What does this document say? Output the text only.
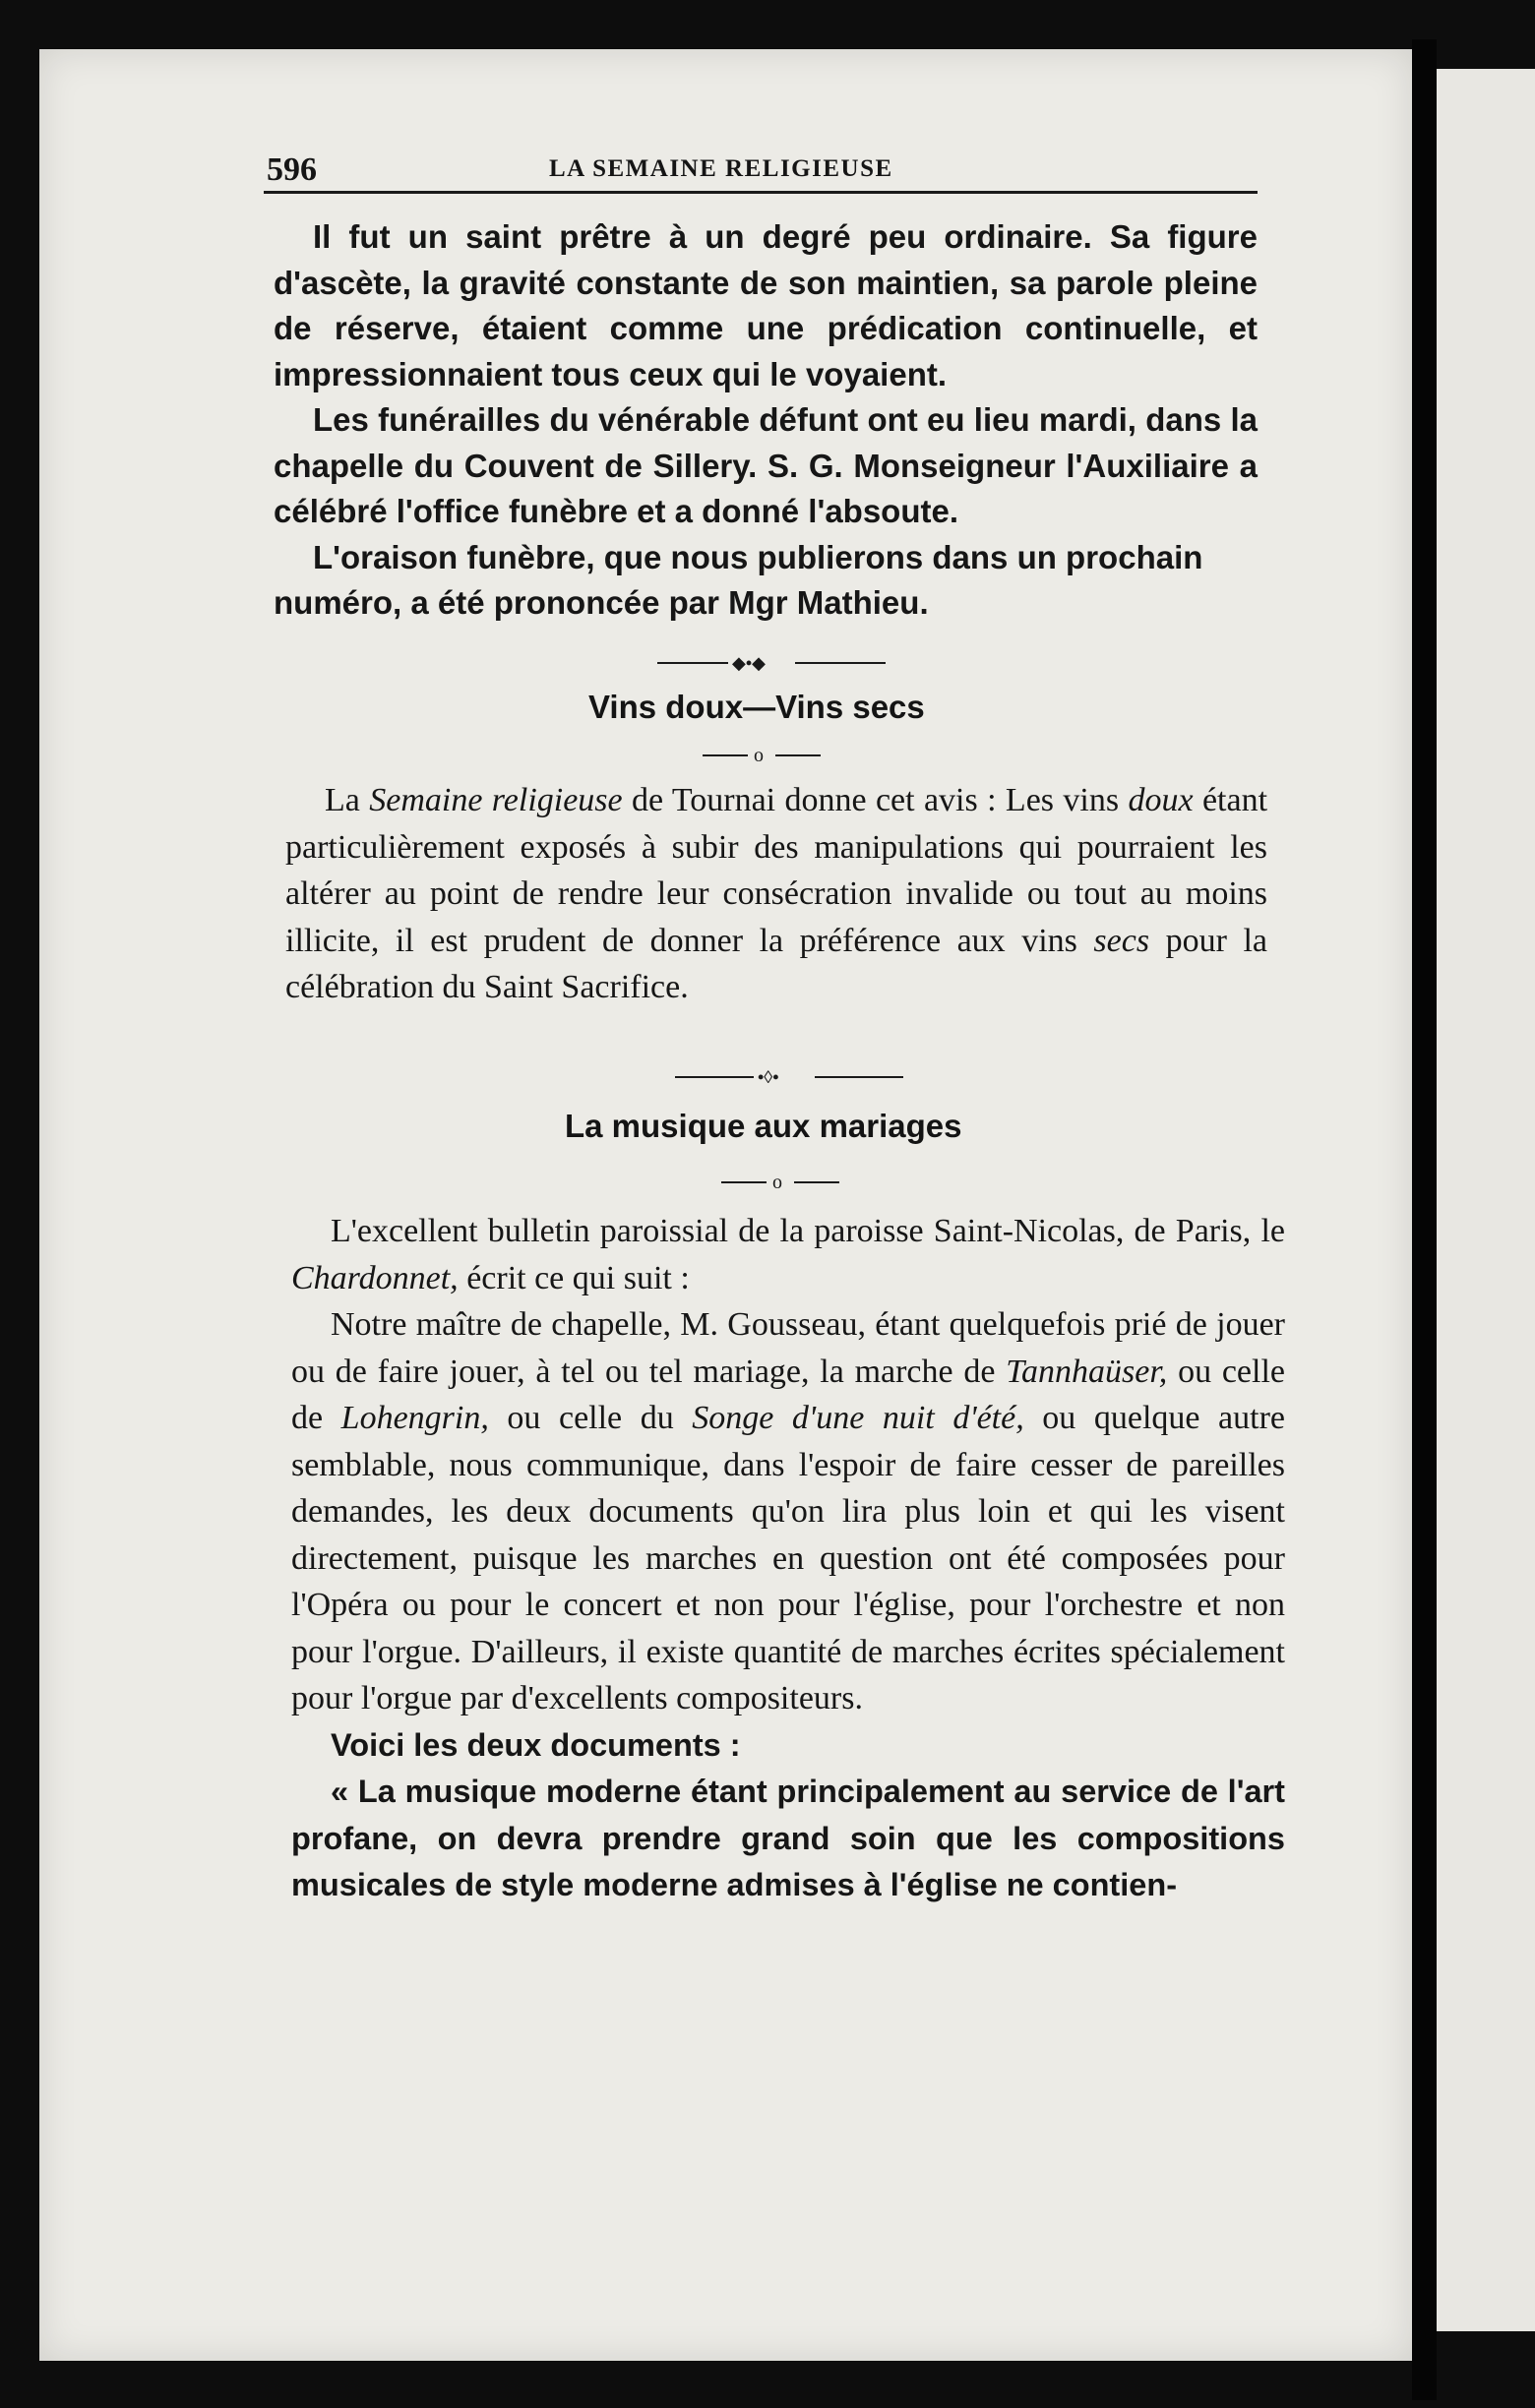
596	LA SEMAINE RELIGIEUSE

Il fut un saint prêtre à un degré peu ordinaire. Sa figure d'ascète, la gravité constante de son maintien, sa parole pleine de réserve, étaient comme une prédication continuelle, et impressionnaient tous ceux qui le voyaient.

Les funérailles du vénérable défunt ont eu lieu mardi, dans la chapelle du Couvent de Sillery. S. G. Monseigneur l'Auxiliaire a célébré l'office funèbre et a donné l'absoute.

L'oraison funèbre, que nous publierons dans un prochain numéro, a été prononcée par Mgr Mathieu.

◆•◆
Vins doux—Vins secs
o

La Semaine religieuse de Tournai donne cet avis : Les vins doux étant particulièrement exposés à subir des manipulations qui pourraient les altérer au point de rendre leur consécration invalide ou tout au moins illicite, il est prudent de donner la préférence aux vins secs pour la célébration du Saint Sacrifice.

•◊•
La musique aux mariages
o

L'excellent bulletin paroissial de la paroisse Saint-Nicolas, de Paris, le Chardonnet, écrit ce qui suit :

Notre maître de chapelle, M. Gousseau, étant quelquefois prié de jouer ou de faire jouer, à tel ou tel mariage, la marche de Tannhaüser, ou celle de Lohengrin, ou celle du Songe d'une nuit d'été, ou quelque autre semblable, nous communique, dans l'espoir de faire cesser de pareilles demandes, les deux documents qu'on lira plus loin et qui les visent directement, puisque les marches en question ont été composées pour l'Opéra ou pour le concert et non pour l'église, pour l'orchestre et non pour l'orgue. D'ailleurs, il existe quantité de marches écrites spécialement pour l'orgue par d'excellents compositeurs.

Voici les deux documents :

« La musique moderne étant principalement au service de l'art profane, on devra prendre grand soin que les compositions musicales de style moderne admises à l'église ne contien-
